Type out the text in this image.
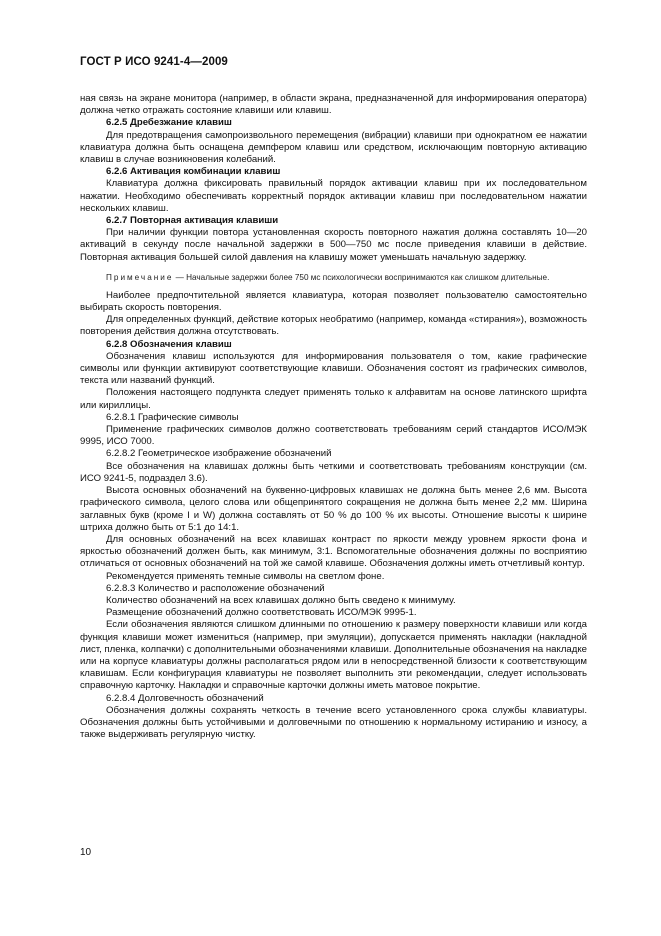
ГОСТ Р ИСО 9241-4—2009

ная связь на экране монитора (например, в области экрана, предназначенной для информирования оператора) должна четко отражать состояние клавиши или клавиш.

6.2.5 Дребезжание клавиш

Для предотвращения самопроизвольного перемещения (вибрации) клавиши при однократном ее нажатии клавиатура должна быть оснащена демпфером клавиш или средством, исключающим повторную активацию клавиш в случае возникновения колебаний.

6.2.6 Активация комбинации клавиш

Клавиатура должна фиксировать правильный порядок активации клавиш при их последовательном нажатии. Необходимо обеспечивать корректный порядок активации клавиш при последовательном нажатии нескольких клавиш.

6.2.7 Повторная активация клавиши

При наличии функции повтора установленная скорость повторного нажатия должна составлять 10—20 активаций в секунду после начальной задержки в 500—750 мс после приведения клавиши в действие. Повторная активация большей силой давления на клавишу может уменьшать начальную задержку.

Примечание — Начальные задержки более 750 мс психологически воспринимаются как слишком длительные.

Наиболее предпочтительной является клавиатура, которая позволяет пользователю самостоятельно выбирать скорость повторения.

Для определенных функций, действие которых необратимо (например, команда «стирания»), возможность повторения действия должна отсутствовать.

6.2.8 Обозначения клавиш

Обозначения клавиш используются для информирования пользователя о том, какие графические символы или функции активируют соответствующие клавиши. Обозначения состоят из графических символов, текста или названий функций.

Положения настоящего подпункта следует применять только к алфавитам на основе латинского шрифта или кириллицы.

6.2.8.1 Графические символы

Применение графических символов должно соответствовать требованиям серий стандартов ИСО/МЭК 9995, ИСО 7000.

6.2.8.2 Геометрическое изображение обозначений

Все обозначения на клавишах должны быть четкими и соответствовать требованиям конструкции (см. ИСО 9241-5, подраздел 3.6).

Высота основных обозначений на буквенно-цифровых клавишах не должна быть менее 2,6 мм. Высота графического символа, целого слова или общепринятого сокращения не должна быть менее 2,2 мм. Ширина заглавных букв (кроме I и W) должна составлять от 50 % до 100 % их высоты. Отношение высоты к ширине штриха должно быть от 5:1 до 14:1.

Для основных обозначений на всех клавишах контраст по яркости между уровнем яркости фона и яркостью обозначений должен быть, как минимум, 3:1. Вспомогательные обозначения должны по восприятию отличаться от основных обозначений на той же самой клавише. Обозначения должны иметь отчетливый контур.

Рекомендуется применять темные символы на светлом фоне.

6.2.8.3 Количество и расположение обозначений

Количество обозначений на всех клавишах должно быть сведено к минимуму.

Размещение обозначений должно соответствовать ИСО/МЭК 9995-1.

Если обозначения являются слишком длинными по отношению к размеру поверхности клавиши или когда функция клавиши может измениться (например, при эмуляции), допускается применять накладки (накладной лист, пленка, колпачки) с дополнительными обозначениями клавиши. Дополнительные обозначения на накладке или на корпусе клавиатуры должны располагаться рядом или в непосредственной близости к соответствующим клавишам. Если конфигурация клавиатуры не позволяет выполнить эти рекомендации, следует использовать справочную карточку. Накладки и справочные карточки должны иметь матовое покрытие.

6.2.8.4 Долговечность обозначений

Обозначения должны сохранять четкость в течение всего установленного срока службы клавиатуры. Обозначения должны быть устойчивыми и долговечными по отношению к нормальному истиранию и износу, а также выдерживать регулярную чистку.

10
